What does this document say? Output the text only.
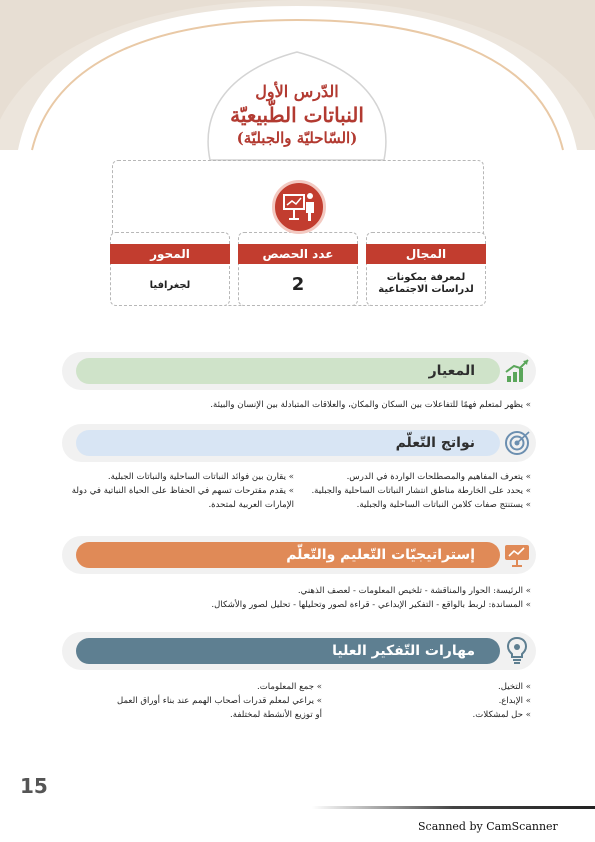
الدّرس الأول
النباتات الطّبيعيّة
(السّاحليّة والجبليّة)
المحور
لجغرافيا
عدد الحصص
2
المجال
لمعرفة بمكونات
لدراسات الاجتماعية
المعيار
» يظهر لمتعلم فهمًا للتفاعلات بين السكان والمكان، والعلاقات المتبادلة بين الإنسان والبيئة.
نواتج التّعلّم
» يتعرف المفاهيم والمصطلحات الواردة في الدرس.
» يحدد على الخارطة مناطق انتشار النباتات الساحلية والجبلية.
» يستنتج صفات كلامن النباتات الساحلية والجبلية.
» يقارن بين فوائد النباتات الساحلية والنباتات الجبلية.
» يقدم مقترحات تسهم في الحفاظ على الحياة النباتية في دولة
الإمارات العربية لمتحدة.
إستراتيجيّات التّعليم والتّعلّم
» الرئيسة: الحوار والمناقشة - تلخيص المعلومات - لعصف الذهني.
» المساندة: لربط بالواقع - التفكير الإبداعي - قراءة لصور وتحليلها - تحليل لصور والأشكال.
مهارات التّفكير العليا
» التخيل.
» الإبداع.
» حل لمشكلات.
» جمع المعلومات.
» يراعي لمعلم قدرات أصحاب الهمم عند بناء أوراق العمل
أو توزيع الأنشطة لمختلفة.
15
Scanned by CamScanner
